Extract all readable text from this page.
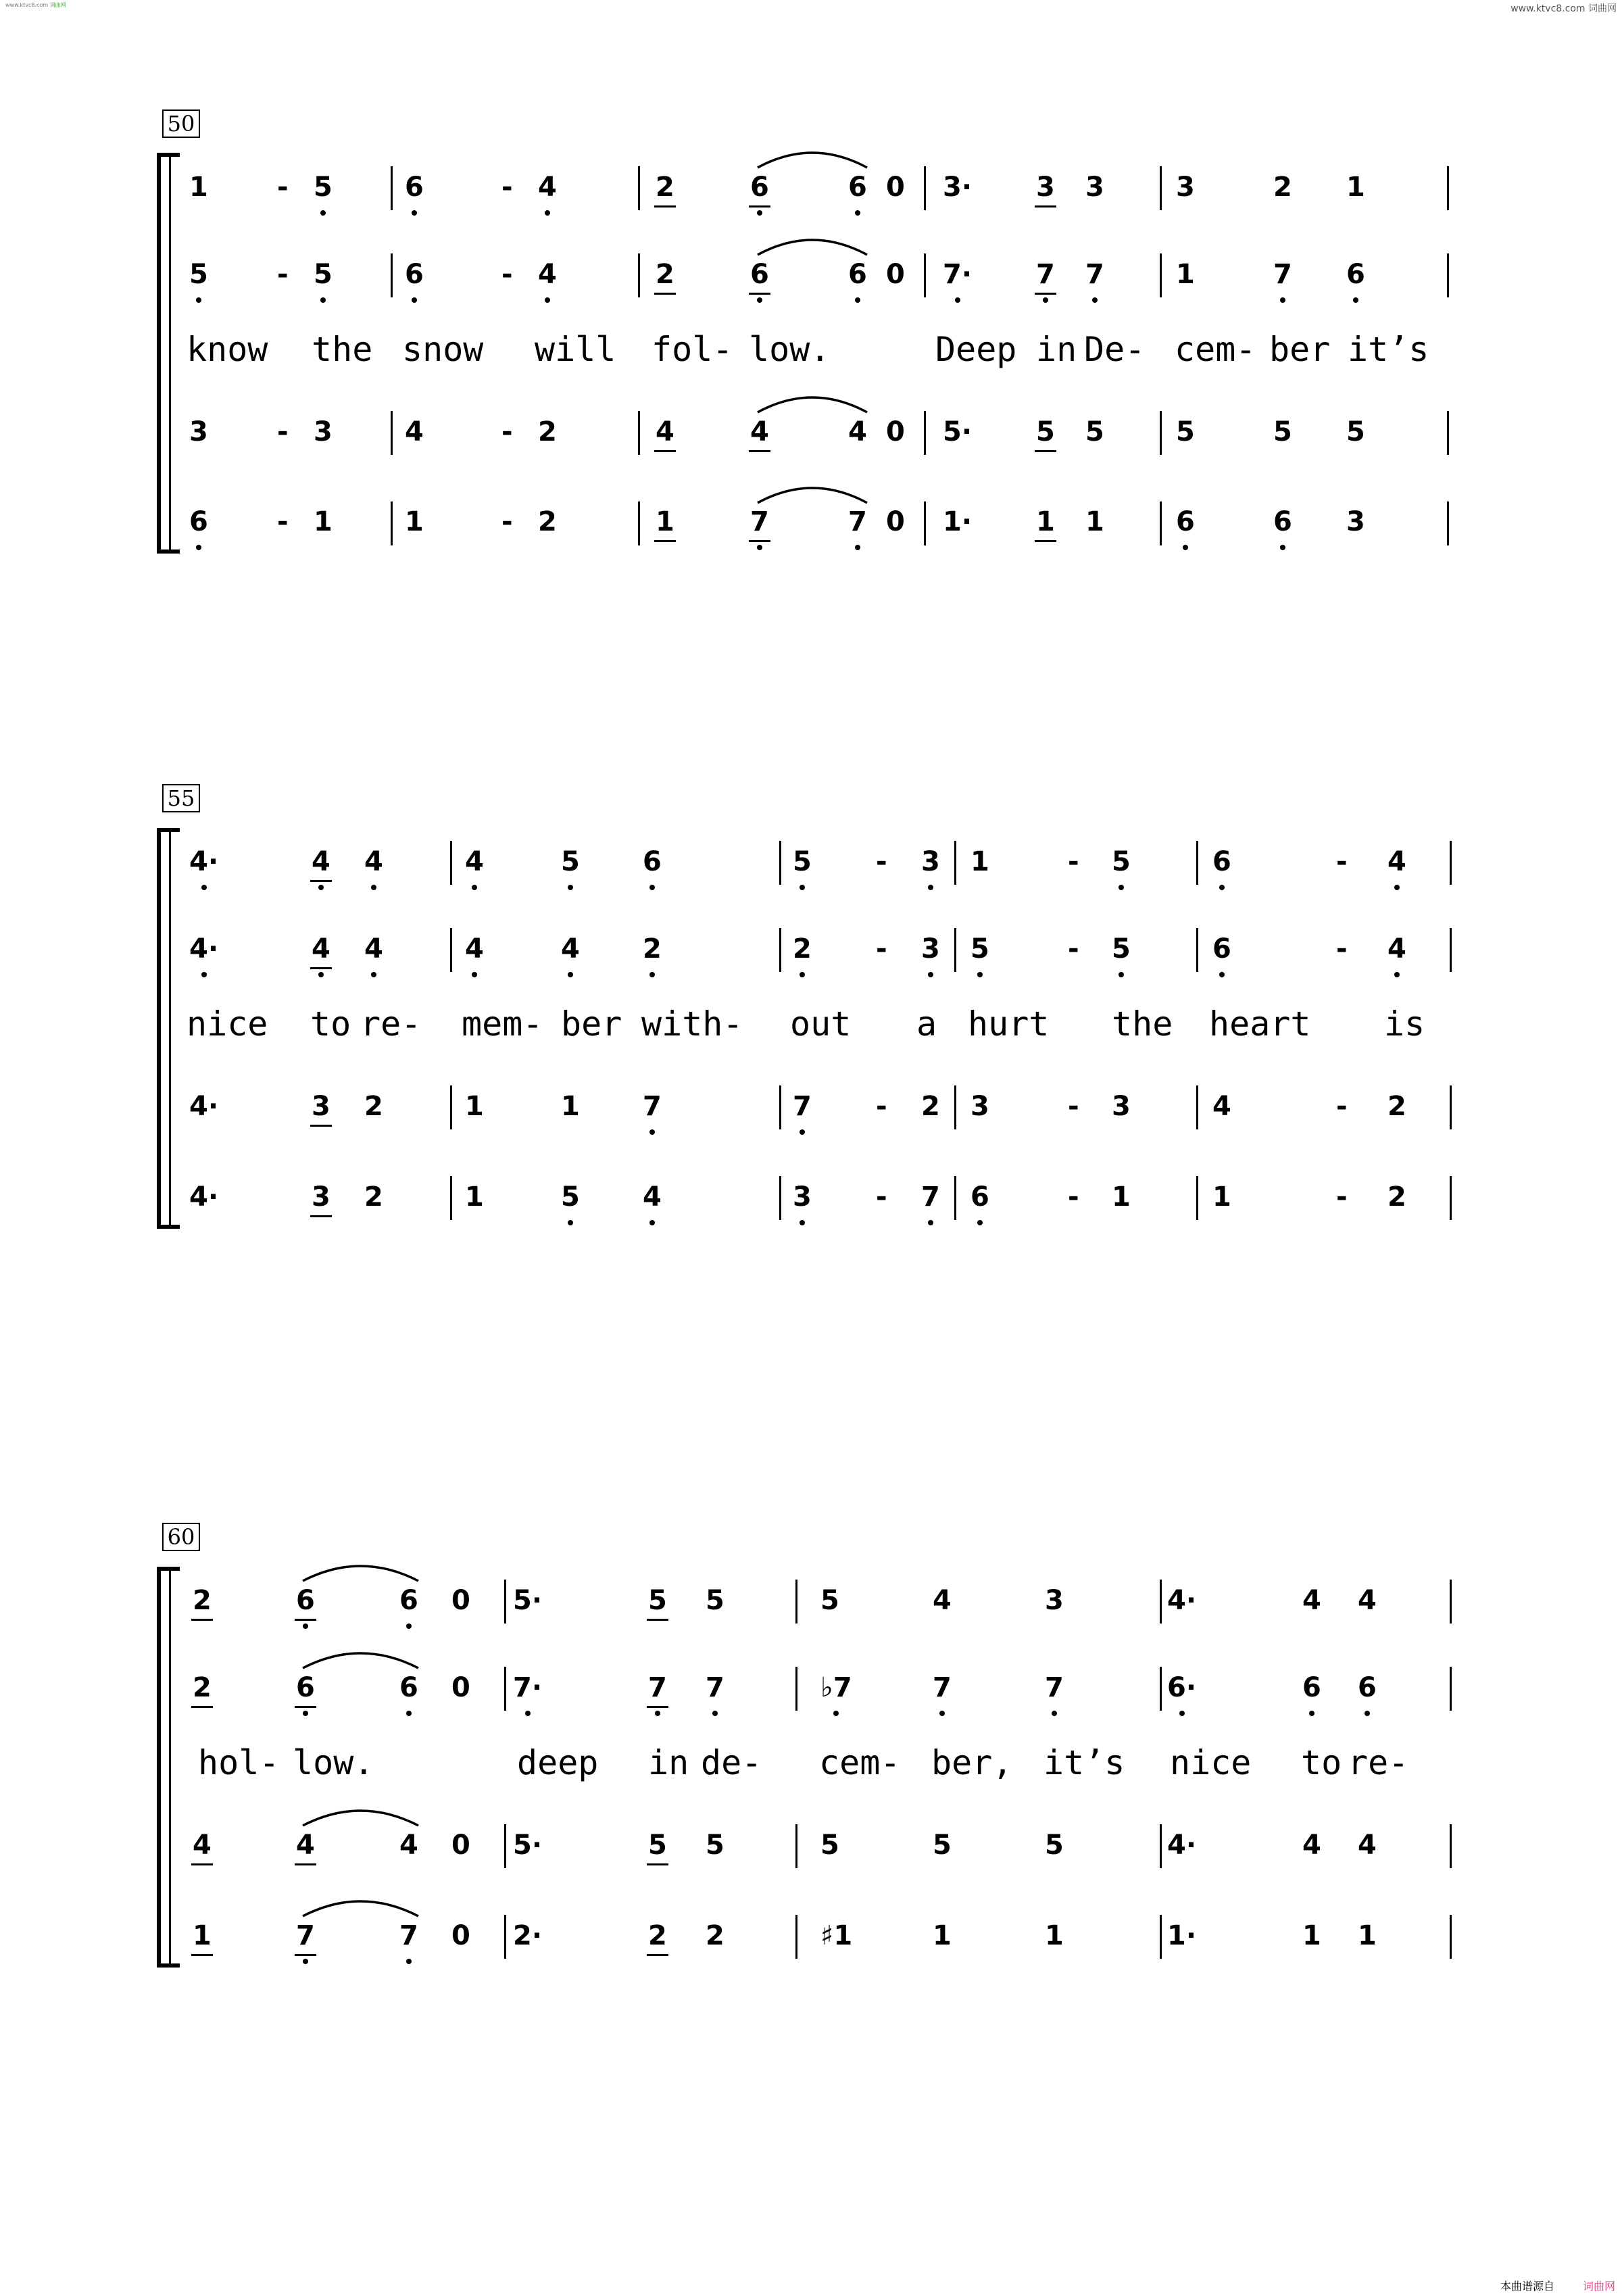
www.ktvc8.com 词曲网	www.ktvc8.com 词曲网
本曲谱源自	词曲网
50
1	- 5	6	- 4	2	6	6 0 3· 3 3	3	2 1
5	- 5	6	- 4	2	6	6 0 7· 7 7	1	7 6
3	- 3	4	- 2	4	4	4 0 5· 5 5	5	5 5
6	- 1	1	- 2	1	7	7 0 1· 1 1	6	6 3
know the snow will fol- low.	Deep in De- cem- ber it’s
55
4·	4 4	4	5 6	5 - 3 1	- 5	6	- 4
4·	4 4	4	4 2	2 - 3 5	- 5	6	- 4
4·	3 2	1	1 7	7 - 2 3	- 3	4	- 2
4·	3 2	1	5 4	3 - 7 6	- 1	1	- 2
nice to re- mem- ber with- out a hurt the heart is
60
2	6	6 0 5·	5 5	5	4	3	4·	4 4
2	6	6 0 7·	7 7	♭7	7	7	6·	6 6
4	4	4 0 5·	5 5	5	5	5	4·	4 4
1	7	7 0 2·	2 2	♯1	1	1	1·	1 1
hol- low.	deep in de- cem- ber, it’s nice to re-
